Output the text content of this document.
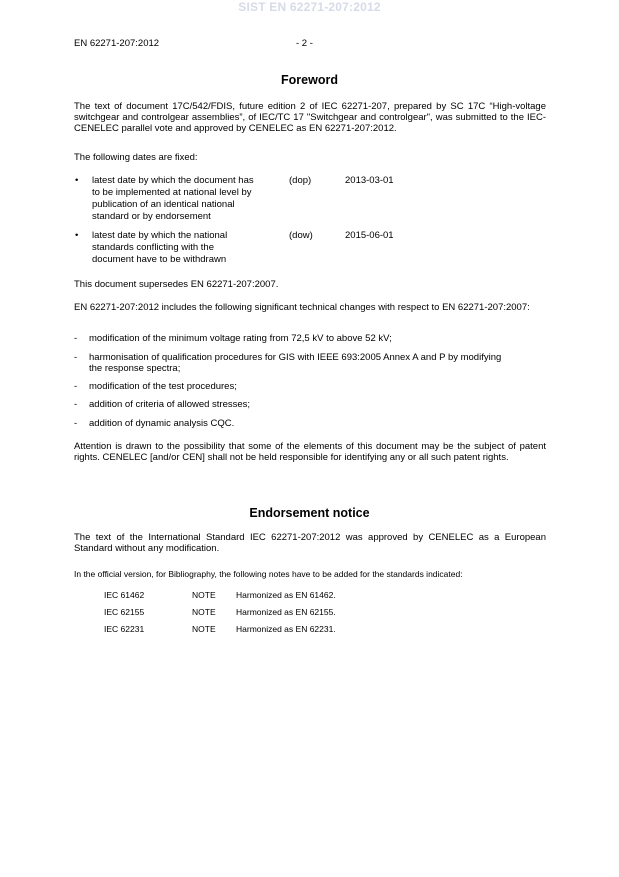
SIST EN 62271-207:2012
EN 62271-207:2012	- 2 -
Foreword
The text of document 17C/542/FDIS, future edition 2 of IEC 62271-207, prepared by SC 17C “High-voltage switchgear and controlgear assemblies”, of IEC/TC 17 "Switchgear and controlgear", was submitted to the IEC-CENELEC parallel vote and approved by CENELEC as EN 62271-207:2012.
The following dates are fixed:
• latest date by which the document has
to be implemented at national level by
publication of an identical national
standard or by endorsement
(dop)	2013-03-01
• latest date by which the national
standards conflicting with the
document have to be withdrawn
(dow)	2015-06-01
This document supersedes EN 62271-207:2007.
EN 62271-207:2012 includes the following significant technical changes with respect to EN 62271-207:2007:
- modification of the minimum voltage rating from 72,5 kV to above 52 kV;
- harmonisation of qualification procedures for GIS with IEEE 693:2005 Annex A and P by modifying
the response spectra;
- modification of the test procedures;
- addition of criteria of allowed stresses;
- addition of dynamic analysis CQC.
Attention is drawn to the possibility that some of the elements of this document may be the subject of patent rights. CENELEC [and/or CEN] shall not be held responsible for identifying any or all such patent rights.
Endorsement notice
The text of the International Standard IEC 62271-207:2012 was approved by CENELEC as a European Standard without any modification.
In the official version, for Bibliography, the following notes have to be added for the standards indicated:
IEC 61462	NOTE Harmonized as EN 61462.
IEC 62155	NOTE Harmonized as EN 62155.
IEC 62231	NOTE Harmonized as EN 62231.
